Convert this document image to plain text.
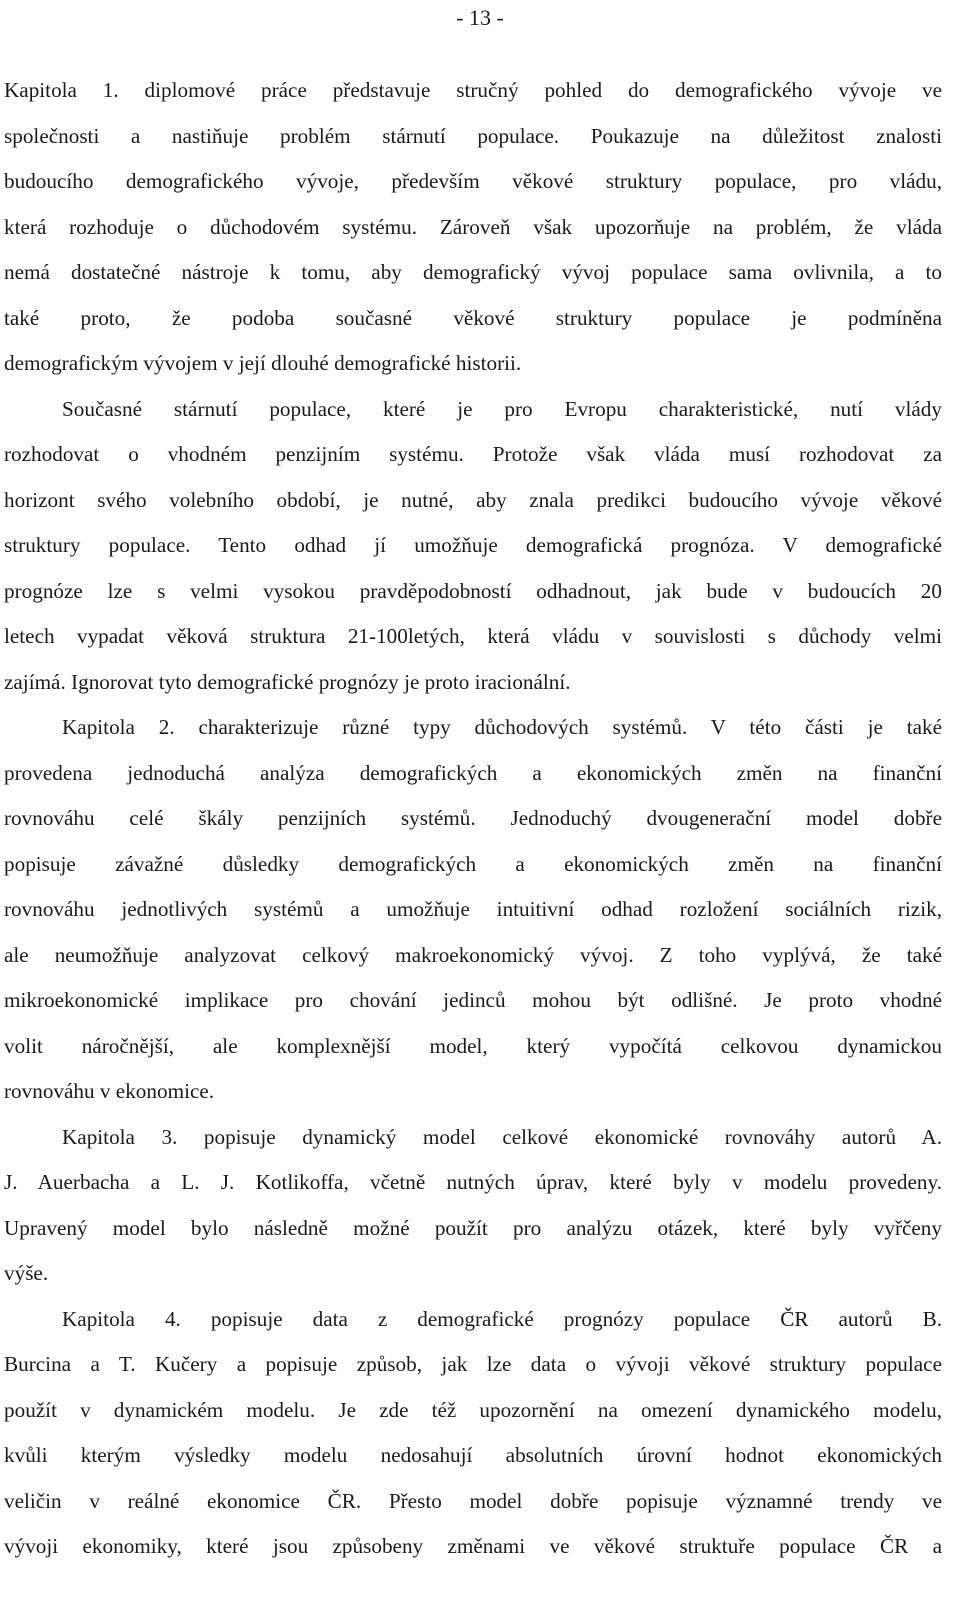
- 13 -
Kapitola 1. diplomové práce představuje stručný pohled do demografického vývoje ve
společnosti a nastiňuje problém stárnutí populace. Poukazuje na důležitost znalosti
budoucího demografického vývoje, především věkové struktury populace, pro vládu,
která rozhoduje o důchodovém systému. Zároveň však upozorňuje na problém, že vláda
nemá dostatečné nástroje k tomu, aby demografický vývoj populace sama ovlivnila, a to
také proto, že podoba současné věkové struktury populace je podmíněna
demografickým vývojem v její dlouhé demografické historii.
Současné stárnutí populace, které je pro Evropu charakteristické, nutí vlády
rozhodovat o vhodném penzijním systému. Protože však vláda musí rozhodovat za
horizont svého volebního období, je nutné, aby znala predikci budoucího vývoje věkové
struktury populace. Tento odhad jí umožňuje demografická prognóza. V demografické
prognóze lze s velmi vysokou pravděpodobností odhadnout, jak bude v budoucích 20
letech vypadat věková struktura 21-100letých, která vládu v souvislosti s důchody velmi
zajímá. Ignorovat tyto demografické prognózy je proto iracionální.
Kapitola 2. charakterizuje různé typy důchodových systémů. V této části je také
provedena jednoduchá analýza demografických a ekonomických změn na finanční
rovnováhu celé škály penzijních systémů. Jednoduchý dvougenerační model dobře
popisuje závažné důsledky demografických a ekonomických změn na finanční
rovnováhu jednotlivých systémů a umožňuje intuitivní odhad rozložení sociálních rizik,
ale neumožňuje analyzovat celkový makroekonomický vývoj. Z toho vyplývá, že také
mikroekonomické implikace pro chování jedinců mohou být odlišné. Je proto vhodné
volit náročnější, ale komplexnější model, který vypočítá celkovou dynamickou
rovnováhu v ekonomice.
Kapitola 3. popisuje dynamický model celkové ekonomické rovnováhy autorů A.
J. Auerbacha a L. J. Kotlikoffa, včetně nutných úprav, které byly v modelu provedeny.
Upravený model bylo následně možné použít pro analýzu otázek, které byly vyřčeny
výše.
Kapitola 4. popisuje data z demografické prognózy populace ČR autorů B.
Burcina a T. Kučery a popisuje způsob, jak lze data o vývoji věkové struktury populace
použít v dynamickém modelu. Je zde též upozornění na omezení dynamického modelu,
kvůli kterým výsledky modelu nedosahují absolutních úrovní hodnot ekonomických
veličin v reálné ekonomice ČR. Přesto model dobře popisuje významné trendy ve
vývoji ekonomiky, které jsou způsobeny změnami ve věkové struktuře populace ČR a
